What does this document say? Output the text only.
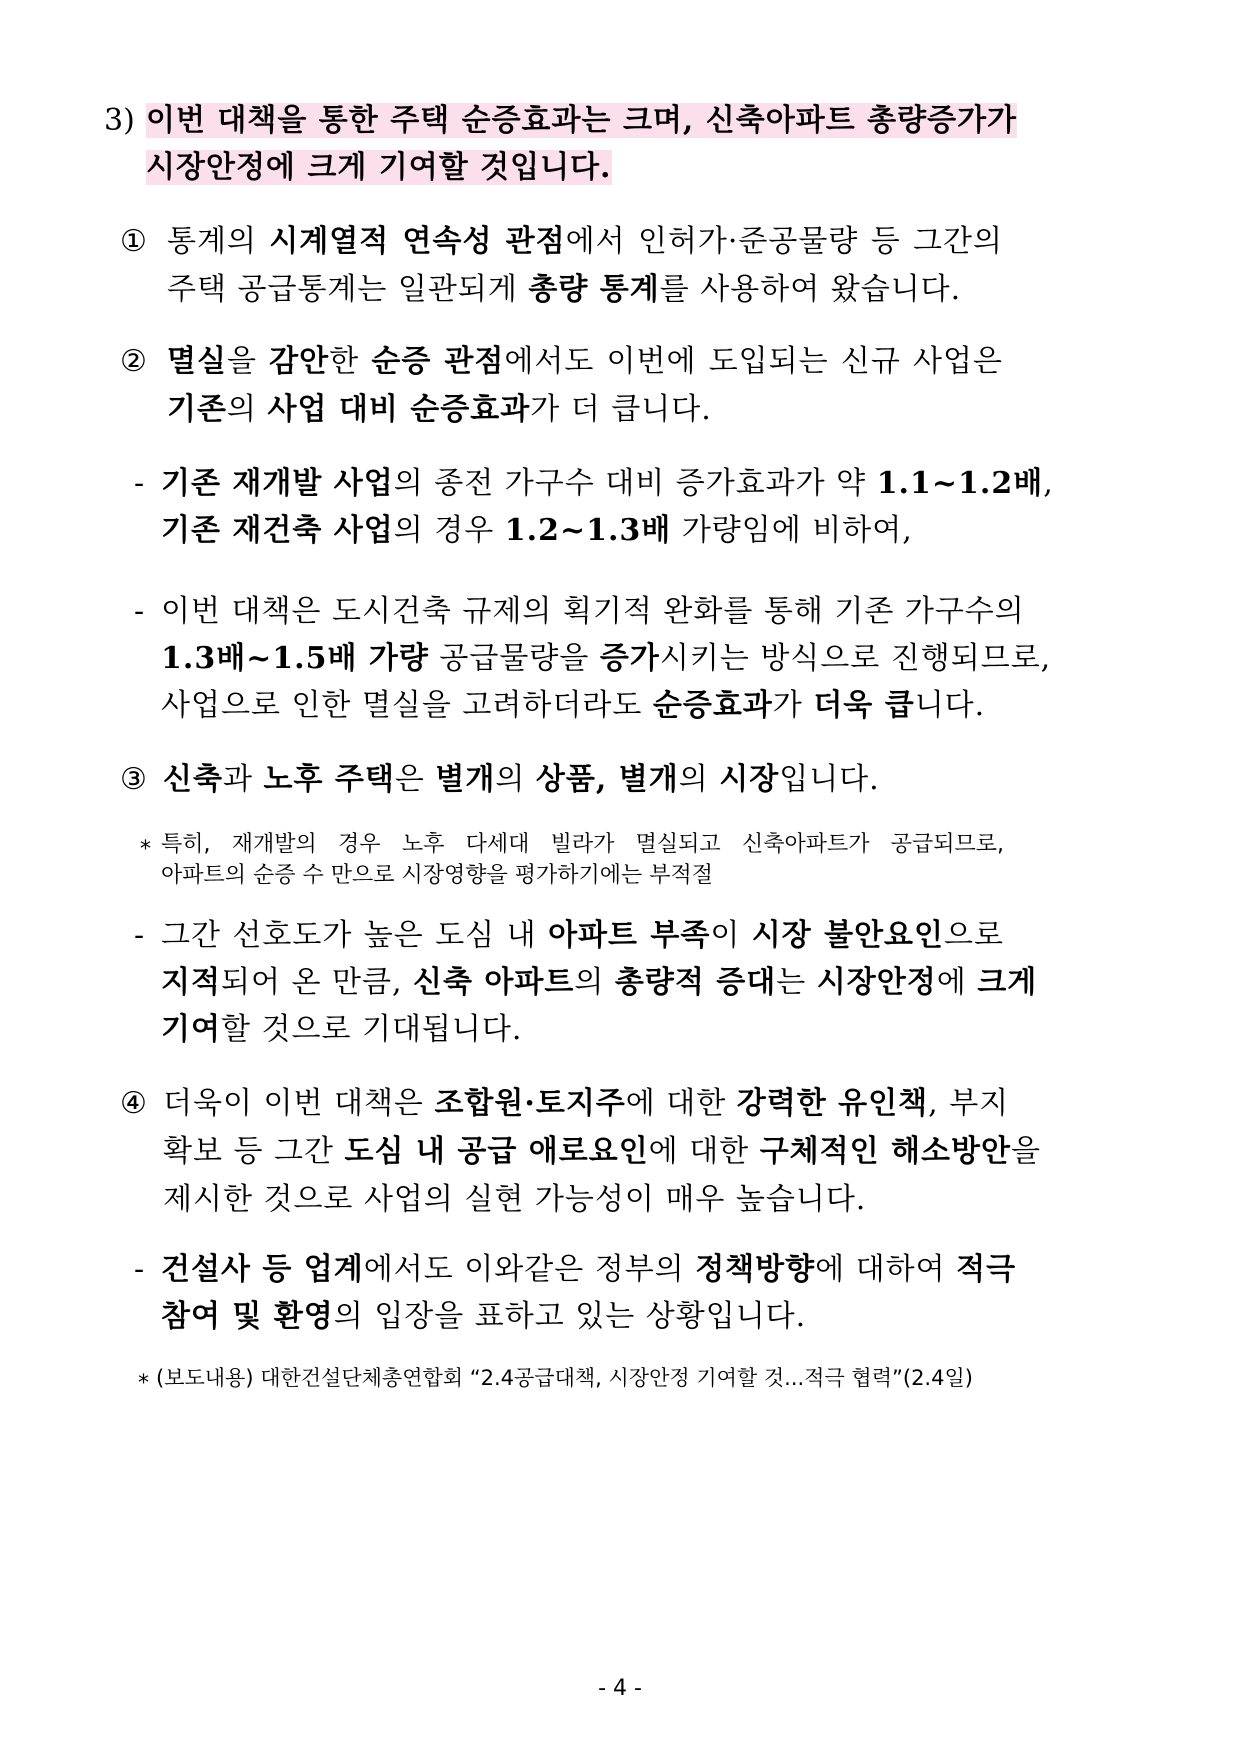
3) 이번 대책을 통한 주택 순증효과는 크며, 신축아파트 총량증가가
시장안정에 크게 기여할 것입니다.
① 통계의 시계열적 연속성 관점에서 인허가·준공물량 등 그간의
주택 공급통계는 일관되게 총량 통계를 사용하여 왔습니다.
② 멸실을 감안한 순증 관점에서도 이번에 도입되는 신규 사업은
기존의 사업 대비 순증효과가 더 큽니다.
- 기존 재개발 사업의 종전 가구수 대비 증가효과가 약 1.1~1.2배,
기존 재건축 사업의 경우 1.2~1.3배 가량임에 비하여,
- 이번 대책은 도시건축 규제의 획기적 완화를 통해 기존 가구수의
1.3배~1.5배 가량 공급물량을 증가시키는 방식으로 진행되므로,
사업으로 인한 멸실을 고려하더라도 순증효과가 더욱 큽니다.
③ 신축과 노후 주택은 별개의 상품, 별개의 시장입니다.
* 특히, 재개발의 경우 노후 다세대 빌라가 멸실되고 신축아파트가 공급되므로,
아파트의 순증 수 만으로 시장영향을 평가하기에는 부적절
- 그간 선호도가 높은 도심 내 아파트 부족이 시장 불안요인으로
지적되어 온 만큼, 신축 아파트의 총량적 증대는 시장안정에 크게
기여할 것으로 기대됩니다.
④ 더욱이 이번 대책은 조합원·토지주에 대한 강력한 유인책, 부지
확보 등 그간 도심 내 공급 애로요인에 대한 구체적인 해소방안을
제시한 것으로 사업의 실현 가능성이 매우 높습니다.
- 건설사 등 업계에서도 이와같은 정부의 정책방향에 대하여 적극
참여 및 환영의 입장을 표하고 있는 상황입니다.
* (보도내용) 대한건설단체총연합회 “2.4공급대책, 시장안정 기여할 것...적극 협력”(2.4일)
- 4 -
